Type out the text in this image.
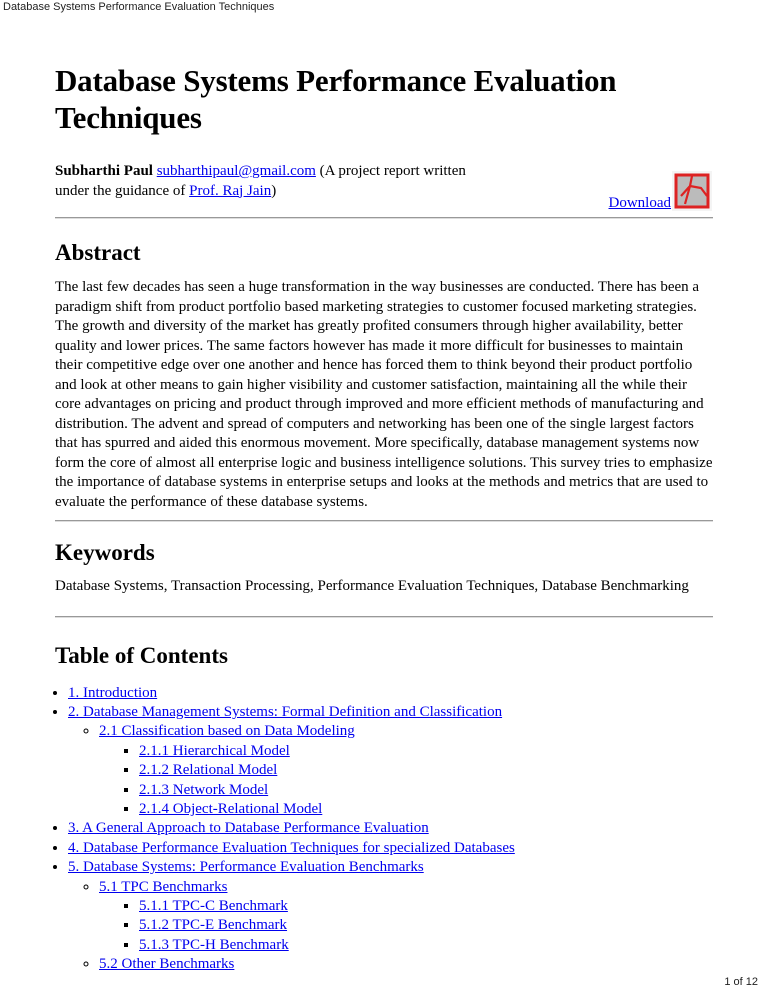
Database Systems Performance Evaluation Techniques
Database Systems Performance Evaluation Techniques

Subharthi Paul subharthipaul@gmail.com (A project report written under the guidance of Prof. Raj Jain)

Download
Abstract

The last few decades has seen a huge transformation in the way businesses are conducted. There has been a paradigm shift from product portfolio based marketing strategies to customer focused marketing strategies. The growth and diversity of the market has greatly profited consumers through higher availability, better quality and lower prices. The same factors however has made it more difficult for businesses to maintain their competitive edge over one another and hence has forced them to think beyond their product portfolio and look at other means to gain higher visibility and customer satisfaction, maintaining all the while their core advantages on pricing and product through improved and more efficient methods of manufacturing and distribution. The advent and spread of computers and networking has been one of the single largest factors that has spurred and aided this enormous movement. More specifically, database management systems now form the core of almost all enterprise logic and business intelligence solutions. This survey tries to emphasize the importance of database systems in enterprise setups and looks at the methods and metrics that are used to evaluate the performance of these database systems.

Keywords

Database Systems, Transaction Processing, Performance Evaluation Techniques, Database Benchmarking

Table of Contents
• 1. Introduction
• 2. Database Management Systems: Formal Definition and Classification
◦ 2.1 Classification based on Data Modeling
▪ 2.1.1 Hierarchical Model
▪ 2.1.2 Relational Model
▪ 2.1.3 Network Model
▪ 2.1.4 Object-Relational Model
• 3. A General Approach to Database Performance Evaluation
• 4. Database Performance Evaluation Techniques for specialized Databases
• 5. Database Systems: Performance Evaluation Benchmarks
◦ 5.1 TPC Benchmarks
▪ 5.1.1 TPC-C Benchmark
▪ 5.1.2 TPC-E Benchmark
▪ 5.1.3 TPC-H Benchmark
◦ 5.2 Other Benchmarks
1 of 12
